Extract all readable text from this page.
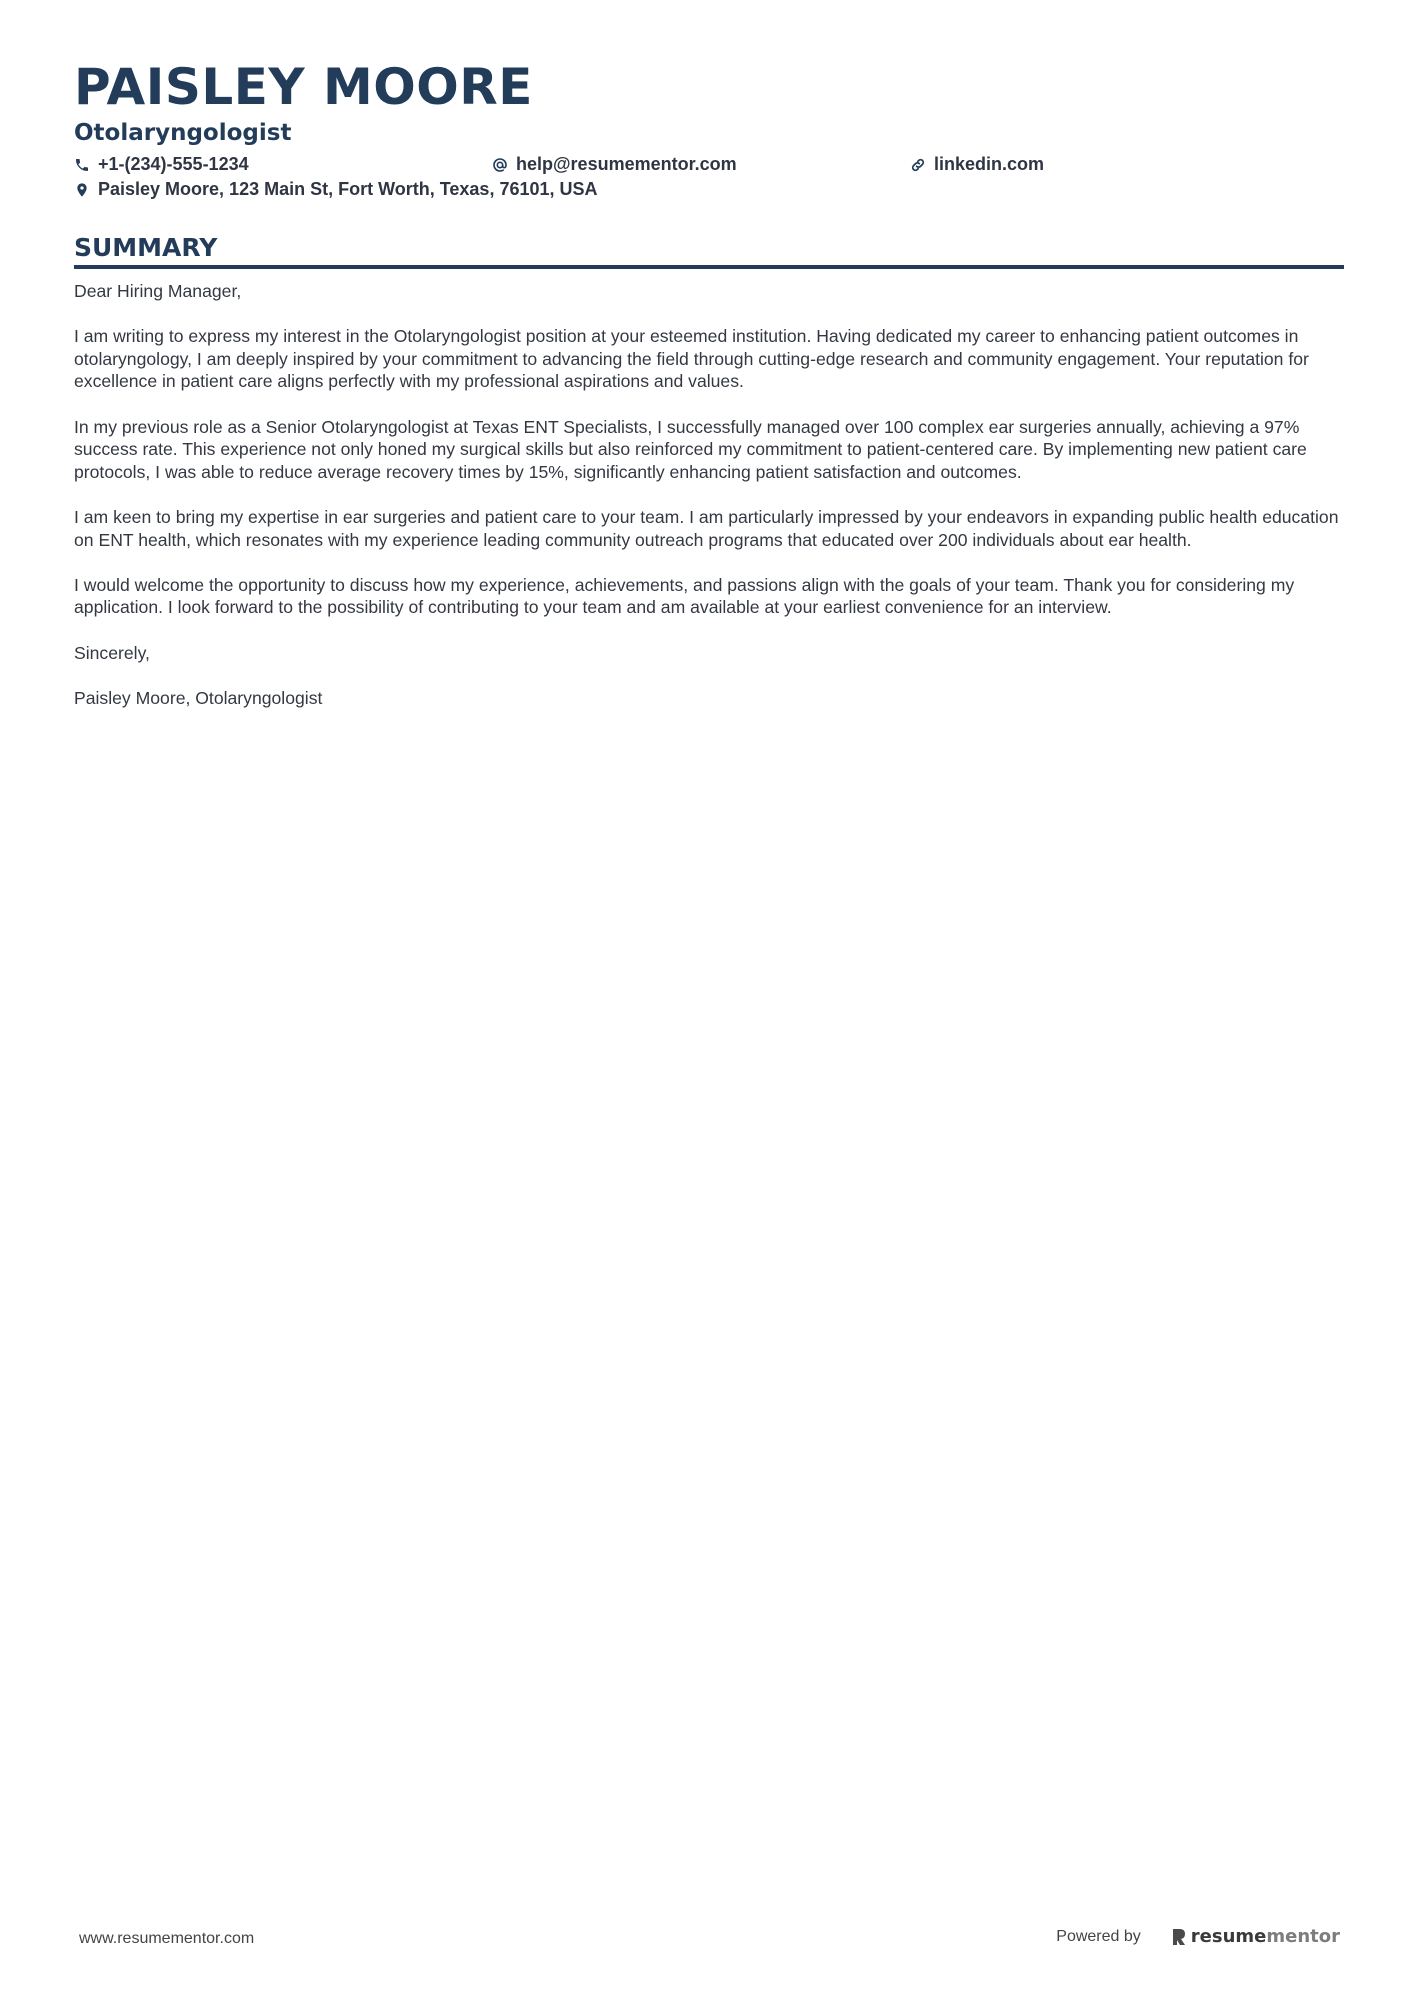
PAISLEY MOORE
Otolaryngologist
+1-(234)-555-1234	help@resumementor.com	linkedin.com
Paisley Moore, 123 Main St, Fort Worth, Texas, 76101, USA
SUMMARY

Dear Hiring Manager,

I am writing to express my interest in the Otolaryngologist position at your esteemed institution. Having dedicated my career to enhancing patient outcomes in otolaryngology, I am deeply inspired by your commitment to advancing the field through cutting-edge research and community engagement. Your reputation for excellence in patient care aligns perfectly with my professional aspirations and values.

In my previous role as a Senior Otolaryngologist at Texas ENT Specialists, I successfully managed over 100 complex ear surgeries annually, achieving a 97% success rate. This experience not only honed my surgical skills but also reinforced my commitment to patient-centered care. By implementing new patient care protocols, I was able to reduce average recovery times by 15%, significantly enhancing patient satisfaction and outcomes.

I am keen to bring my expertise in ear surgeries and patient care to your team. I am particularly impressed by your endeavors in expanding public health education on ENT health, which resonates with my experience leading community outreach programs that educated over 200 individuals about ear health.

I would welcome the opportunity to discuss how my experience, achievements, and passions align with the goals of your team. Thank you for considering my application. I look forward to the possibility of contributing to your team and am available at your earliest convenience for an interview.

Sincerely,

Paisley Moore, Otolaryngologist

www.resumementor.com	Powered by	resume mentor
